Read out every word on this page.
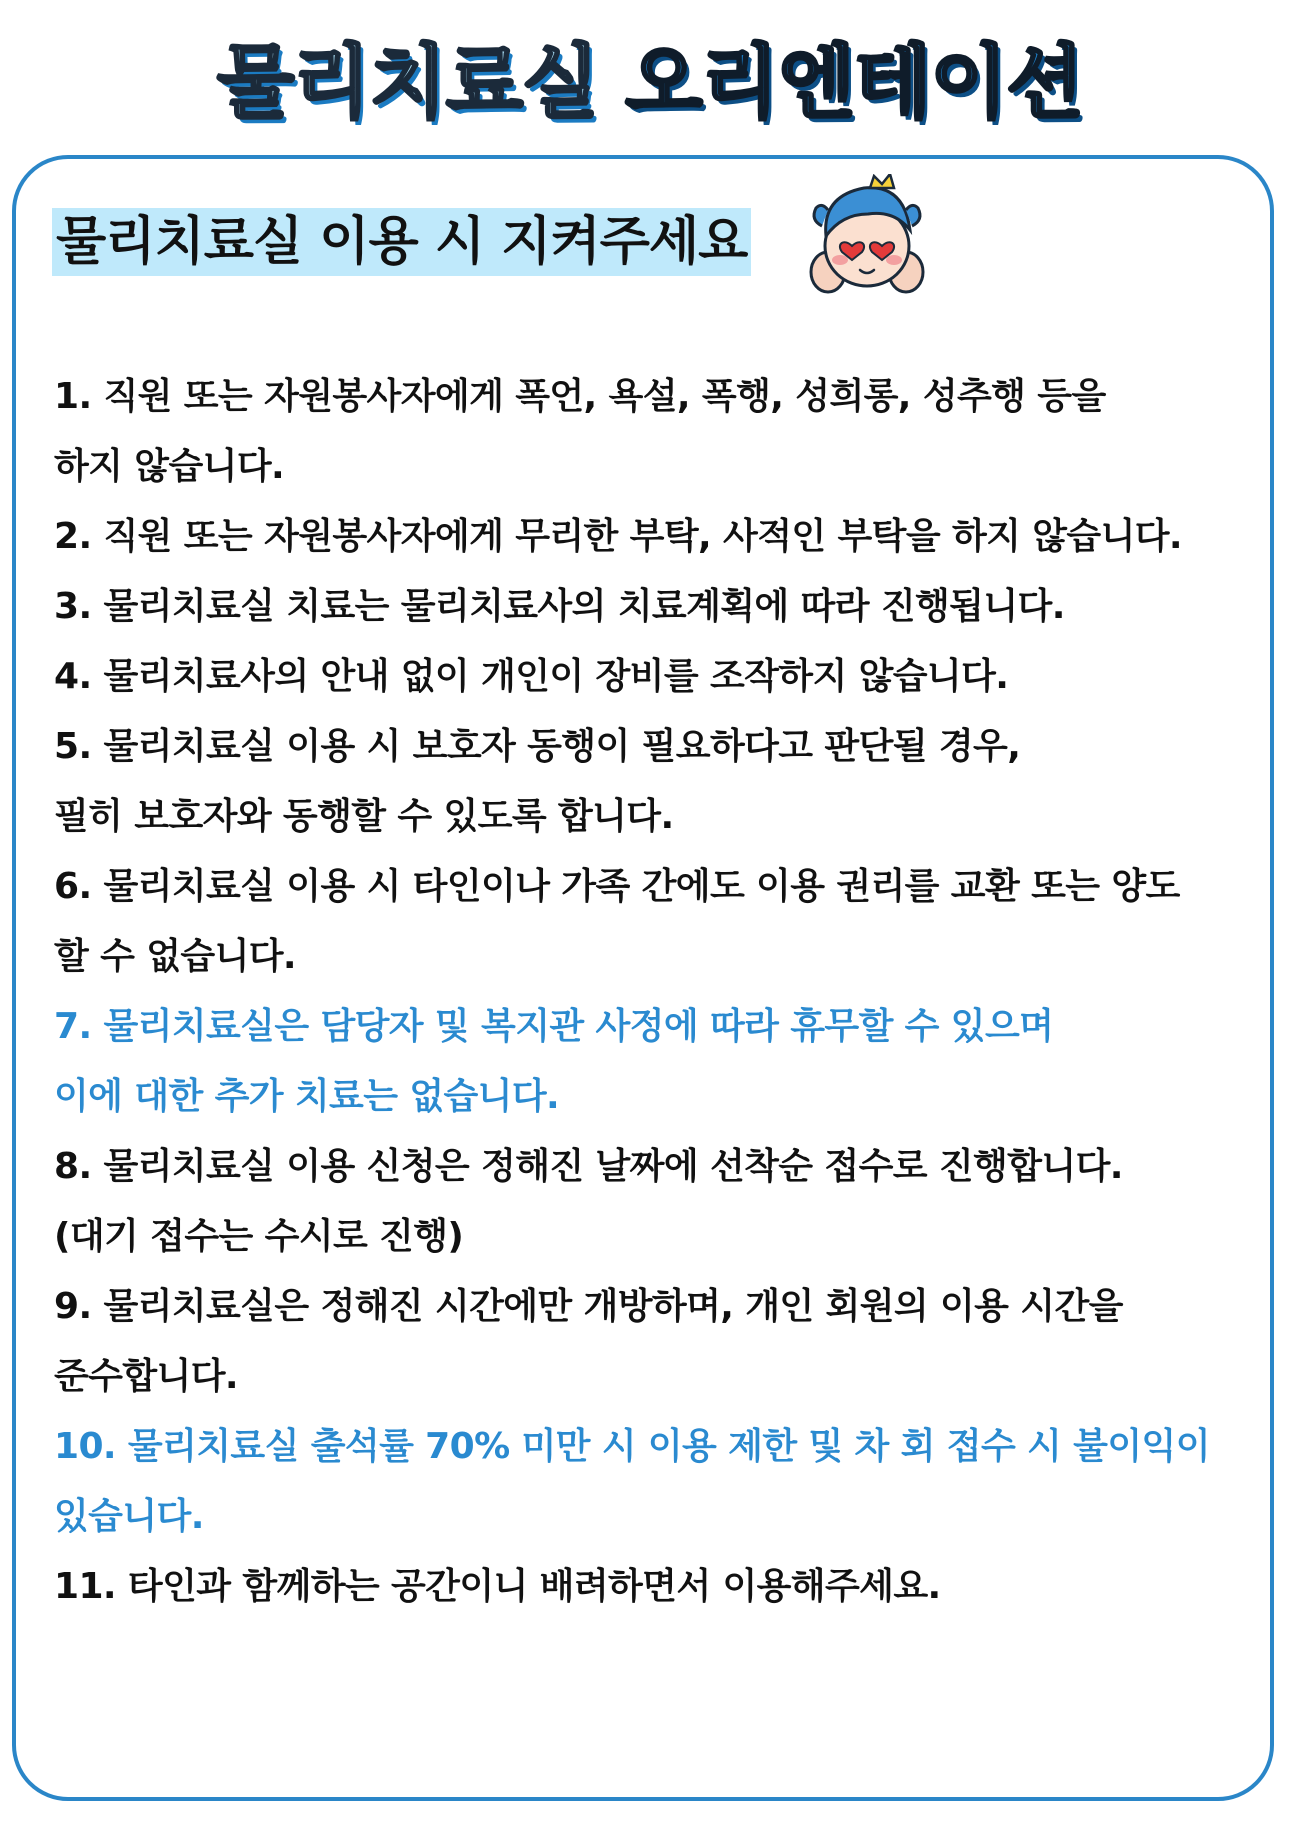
물리치료실 오리엔테이션
물리치료실 이용 시 지켜주세요
1. 직원 또는 자원봉사자에게 폭언, 욕설, 폭행, 성희롱, 성추행 등을
하지 않습니다.
2. 직원 또는 자원봉사자에게 무리한 부탁, 사적인 부탁을 하지 않습니다.
3. 물리치료실 치료는 물리치료사의 치료계획에 따라 진행됩니다.
4. 물리치료사의 안내 없이 개인이 장비를 조작하지 않습니다.
5. 물리치료실 이용 시 보호자 동행이 필요하다고 판단될 경우,
필히 보호자와 동행할 수 있도록 합니다.
6. 물리치료실 이용 시 타인이나 가족 간에도 이용 권리를 교환 또는 양도
할 수 없습니다.
7. 물리치료실은 담당자 및 복지관 사정에 따라 휴무할 수 있으며
이에 대한 추가 치료는 없습니다.
8. 물리치료실 이용 신청은 정해진 날짜에 선착순 접수로 진행합니다.
(대기 접수는 수시로 진행)
9. 물리치료실은 정해진 시간에만 개방하며, 개인 회원의 이용 시간을
준수합니다.
10. 물리치료실 출석률 70% 미만 시 이용 제한 및 차 회 접수 시 불이익이
있습니다.
11. 타인과 함께하는 공간이니 배려하면서 이용해주세요.
